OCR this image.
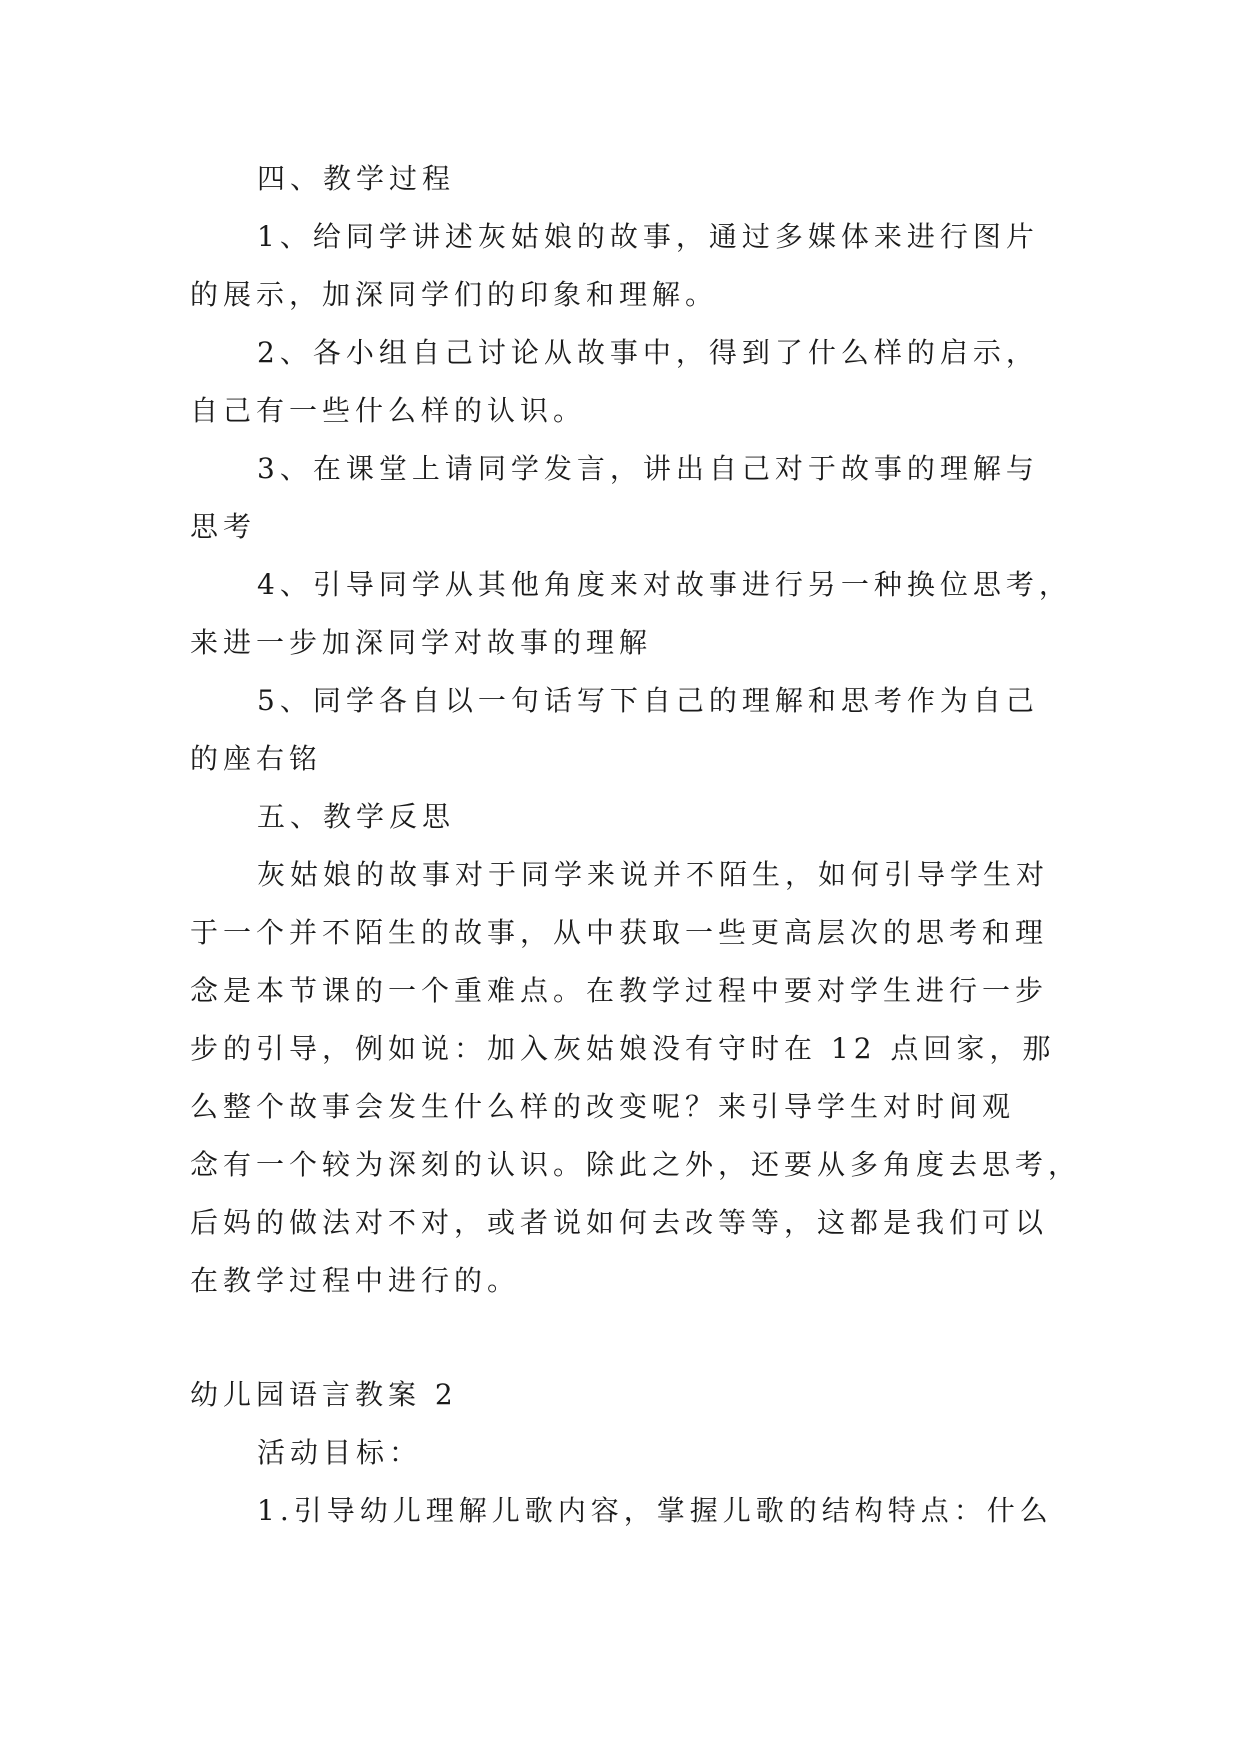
四、教学过程
1、给同学讲述灰姑娘的故事，通过多媒体来进行图片
的展示，加深同学们的印象和理解。
2、各小组自己讨论从故事中，得到了什么样的启示，
自己有一些什么样的认识。
3、在课堂上请同学发言，讲出自己对于故事的理解与
思考
4、引导同学从其他角度来对故事进行另一种换位思考，
来进一步加深同学对故事的理解
5、同学各自以一句话写下自己的理解和思考作为自己
的座右铭
五、教学反思
灰姑娘的故事对于同学来说并不陌生，如何引导学生对
于一个并不陌生的故事，从中获取一些更高层次的思考和理
念是本节课的一个重难点。在教学过程中要对学生进行一步
步的引导，例如说：加入灰姑娘没有守时在 12 点回家，那
么整个故事会发生什么样的改变呢？来引导学生对时间观
念有一个较为深刻的认识。除此之外，还要从多角度去思考，
后妈的做法对不对，或者说如何去改等等，这都是我们可以
在教学过程中进行的。
幼儿园语言教案 2
活动目标：
1.引导幼儿理解儿歌内容，掌握儿歌的结构特点：什么
